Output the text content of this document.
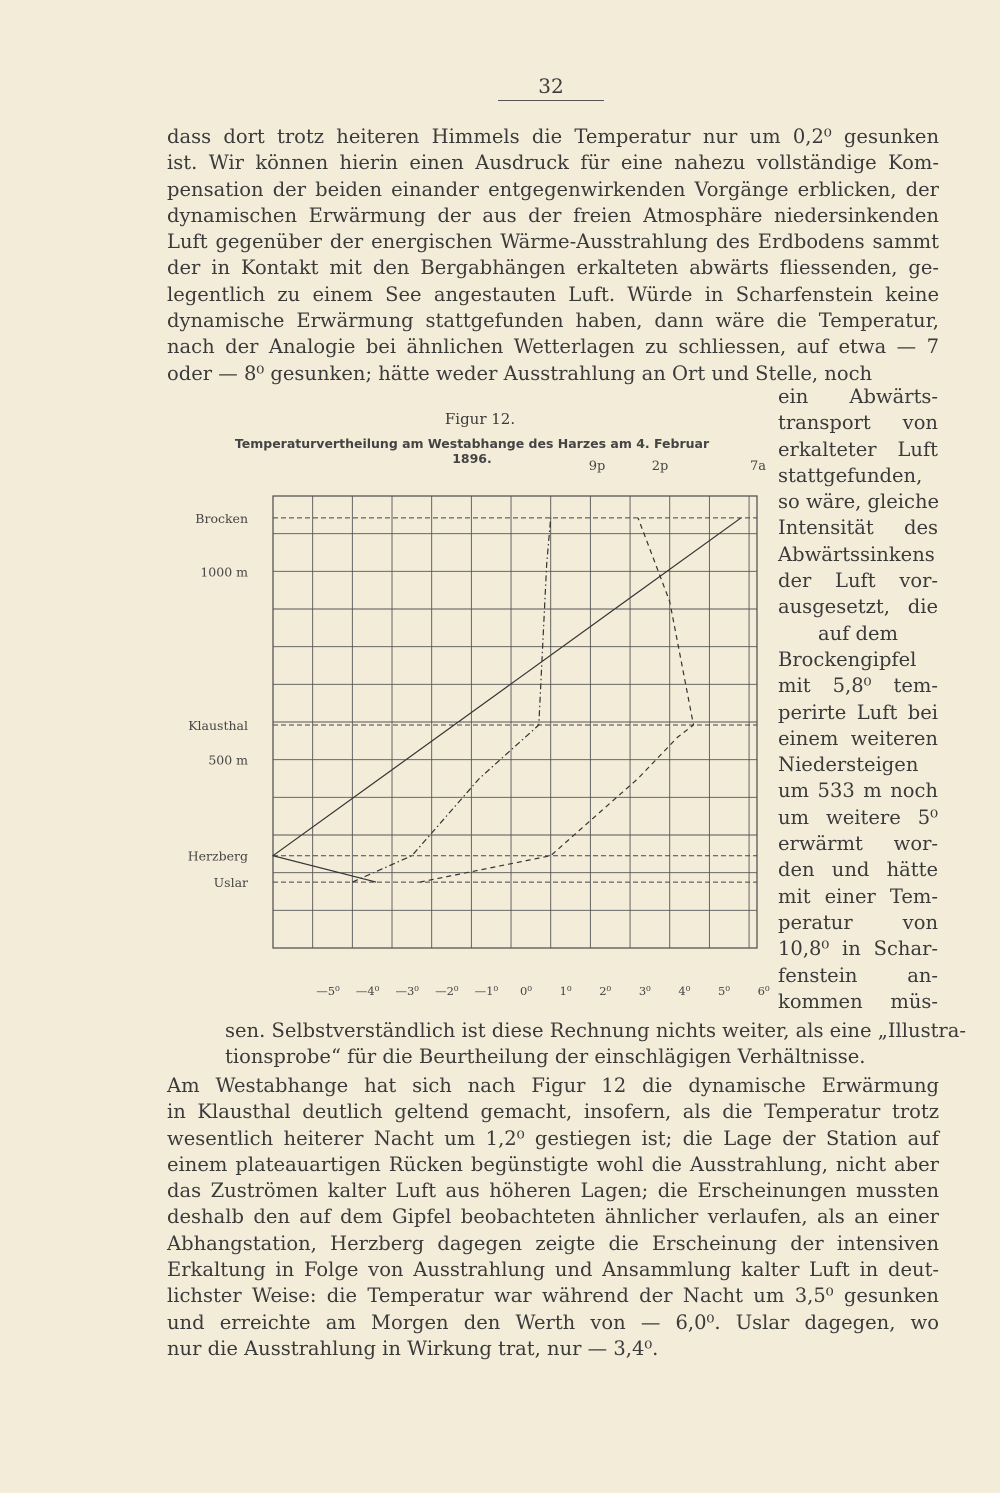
32

dass dort trotz heiteren Himmels die Temperatur nur um 0,2⁰ gesunken
ist. Wir können hierin einen Ausdruck für eine nahezu vollständige Kom-
pensation der beiden einander entgegenwirkenden Vorgänge erblicken, der
dynamischen Erwärmung der aus der freien Atmosphäre niedersinkenden
Luft gegenüber der energischen Wärme-Ausstrahlung des Erdbodens sammt
der in Kontakt mit den Bergabhängen erkalteten abwärts fliessenden, ge-
legentlich zu einem See angestauten Luft. Würde in Scharfenstein keine
dynamische Erwärmung stattgefunden haben, dann wäre die Temperatur,
nach der Analogie bei ähnlichen Wetterlagen zu schliessen, auf etwa — 7
oder — 8⁰ gesunken; hätte weder Ausstrahlung an Ort und Stelle, noch

ein Abwärts-
transport von
erkalteter Luft
stattgefunden,
so wäre, gleiche
Intensität des
Abwärtssinkens
der Luft vor-
ausgesetzt, die
auf dem
Brockengipfel
mit 5,8⁰ tem-
perirte Luft bei
einem weiteren
Niedersteigen
um 533 m noch
um weitere 5⁰
erwärmt wor-
den und hätte
mit einer Tem-
peratur von
10,8⁰ in Schar-
fenstein an-
kommen müs-
Figur 12.
Temperaturvertheilung am Westabhange des Harzes am 4. Februar 1896.
Brocken
1000 m
Klausthal
500 m
Herzberg
Uslar
9p	2p	7a
—5⁰ —4⁰ —3⁰ —2⁰ —1⁰ 0⁰ 1⁰ 2⁰ 3⁰ 4⁰ 5⁰ 6⁰

sen. Selbstverständlich ist diese Rechnung nichts weiter, als eine „Illustra-
tionsprobe“ für die Beurtheilung der einschlägigen Verhältnisse.

Am Westabhange hat sich nach Figur 12 die dynamische Erwärmung
in Klausthal deutlich geltend gemacht, insofern, als die Temperatur trotz
wesentlich heiterer Nacht um 1,2⁰ gestiegen ist; die Lage der Station auf
einem plateauartigen Rücken begünstigte wohl die Ausstrahlung, nicht aber
das Zuströmen kalter Luft aus höheren Lagen; die Erscheinungen mussten
deshalb den auf dem Gipfel beobachteten ähnlicher verlaufen, als an einer
Abhangstation, Herzberg dagegen zeigte die Erscheinung der intensiven
Erkaltung in Folge von Ausstrahlung und Ansammlung kalter Luft in deut-
lichster Weise: die Temperatur war während der Nacht um 3,5⁰ gesunken
und erreichte am Morgen den Werth von — 6,0⁰. Uslar dagegen, wo
nur die Ausstrahlung in Wirkung trat, nur — 3,4⁰.
